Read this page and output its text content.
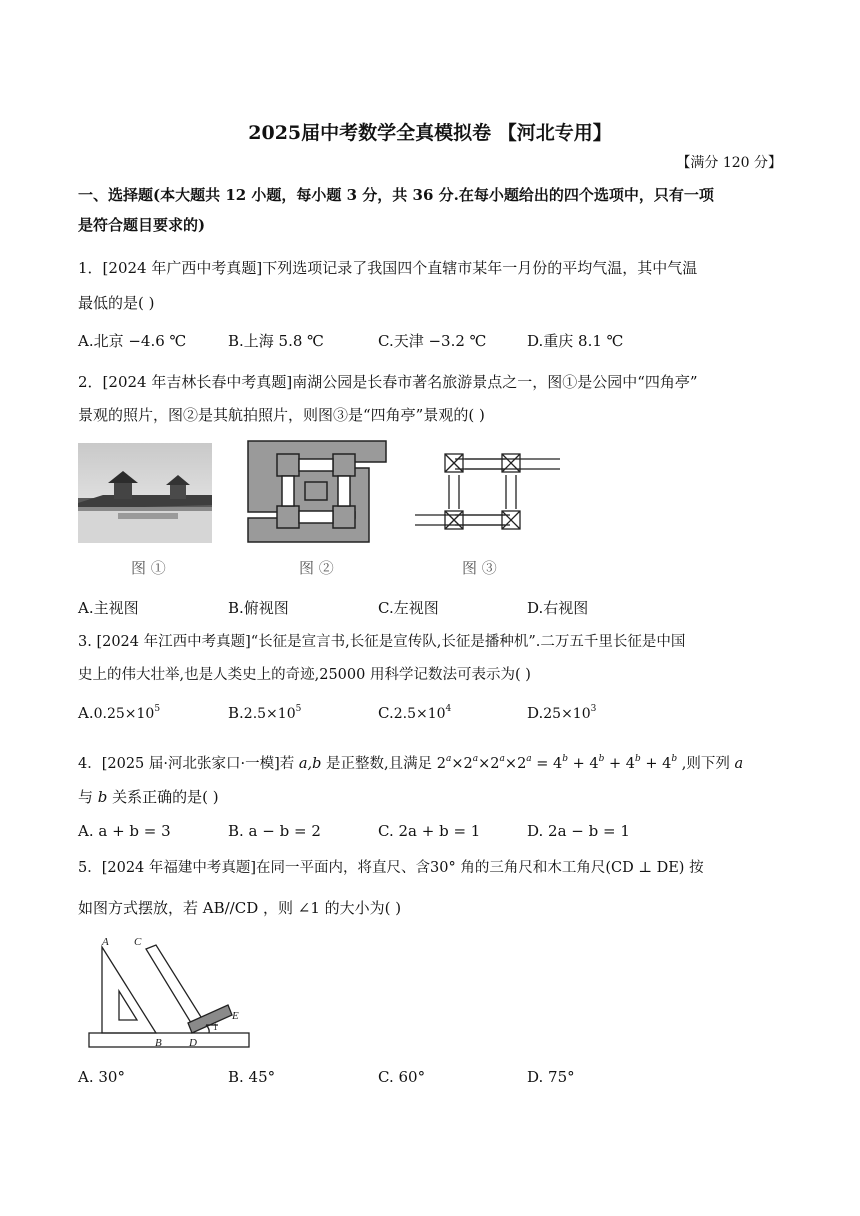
2025届中考数学全真模拟卷 【河北专用】
【满分 120 分】
一、选择题(本大题共 12 小题，每小题 3 分，共 36 分.在每小题给出的四个选项中，只有一项
是符合题目要求的)
1．[2024 年广西中考真题]下列选项记录了我国四个直辖市某年一月份的平均气温，其中气温
最低的是( )
A.北京 −4.6 ℃	B.上海 5.8 ℃	C.天津 −3.2 ℃	D.重庆 8.1 ℃
2．[2024 年吉林长春中考真题]南湖公园是长春市著名旅游景点之一，图①是公园中“四角亭”
景观的照片，图②是其航拍照片，则图③是“四角亭”景观的( )
图 ①	图 ②	图 ③
A.主视图	B.俯视图	C.左视图	D.右视图
3. [2024 年江西中考真题]“长征是宣言书,长征是宣传队,长征是播种机”.二万五千里长征是中国
史上的伟大壮举,也是人类史上的奇迹,25000 用科学记数法可表示为( )
$A.0.25\times 10^5$	$B.2.5\times 10^5$	$C.2.5\times 10^4$	$D.25\times 10^3$
4．[2025 届·河北张家口·一模]若 a,b 是正整数,且满足 $2^a\times 2^a\times 2^a\times 2^a = 4^b + 4^b + 4^b + 4^b$ ,则下列 a
与 b 关系正确的是( )
A. a + b = 3	B. a − b = 2	C. 2a + b = 1	D. 2a − b = 1
5．[2024 年福建中考真题]在同一平面内，将直尺、含30° 角的三角尺和木工角尺(CD ⊥ DE) 按
如图方式摆放，若 AB//CD ，则 ∠1 的大小为( )
A C
B D
E
1
A. 30°	B. 45°	C. 60°	D. 75°
